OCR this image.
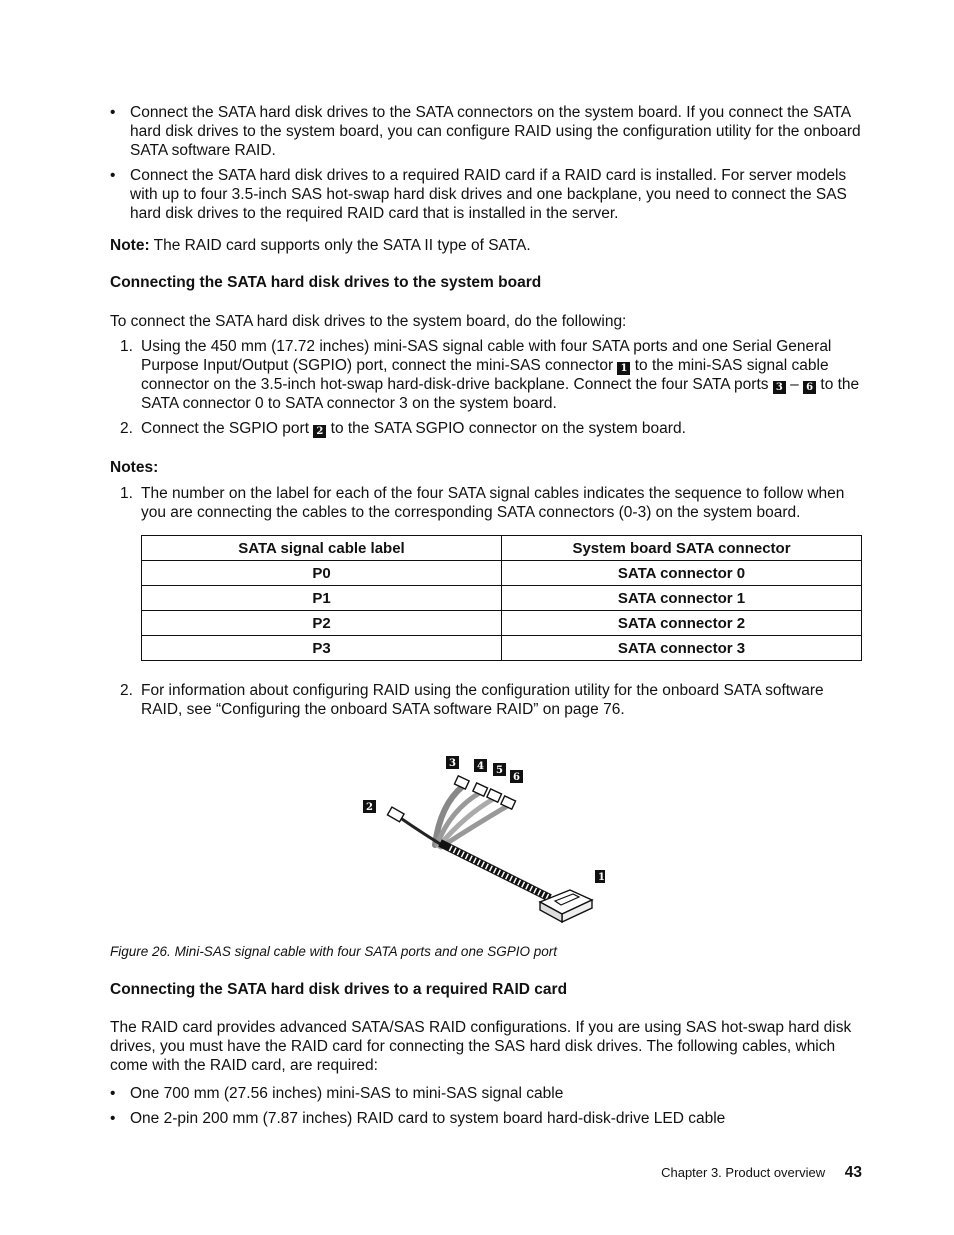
• Connect the SATA hard disk drives to the SATA connectors on the system board. If you connect the SATA hard disk drives to the system board, you can configure RAID using the configuration utility for the onboard SATA software RAID.
• Connect the SATA hard disk drives to a required RAID card if a RAID card is installed. For server models with up to four 3.5-inch SAS hot-swap hard disk drives and one backplane, you need to connect the SAS hard disk drives to the required RAID card that is installed in the server.
Note: The RAID card supports only the SATA II type of SATA.
Connecting the SATA hard disk drives to the system board
To connect the SATA hard disk drives to the system board, do the following:
1. Using the 450 mm (17.72 inches) mini-SAS signal cable with four SATA ports and one Serial General Purpose Input/Output (SGPIO) port, connect the mini-SAS connector 1 to the mini-SAS signal cable connector on the 3.5-inch hot-swap hard-disk-drive backplane. Connect the four SATA ports 3 – 6 to the SATA connector 0 to SATA connector 3 on the system board.
2. Connect the SGPIO port 2 to the SATA SGPIO connector on the system board.
Notes:
1. The number on the label for each of the four SATA signal cables indicates the sequence to follow when you are connecting the cables to the corresponding SATA connectors (0-3) on the system board.
SATA signal cable label	System board SATA connector
P0	SATA connector 0
P1	SATA connector 1
P2	SATA connector 2
P3	SATA connector 3
2. For information about configuring RAID using the configuration utility for the onboard SATA software RAID, see “Configuring the onboard SATA software RAID” on page 76.
3 4 5
6
2
1
Figure 26. Mini-SAS signal cable with four SATA ports and one SGPIO port
Connecting the SATA hard disk drives to a required RAID card
The RAID card provides advanced SATA/SAS RAID configurations. If you are using SAS hot-swap hard disk drives, you must have the RAID card for connecting the SAS hard disk drives. The following cables, which come with the RAID card, are required:
• One 700 mm (27.56 inches) mini-SAS to mini-SAS signal cable
• One 2-pin 200 mm (7.87 inches) RAID card to system board hard-disk-drive LED cable
Chapter 3. Product overview 43
